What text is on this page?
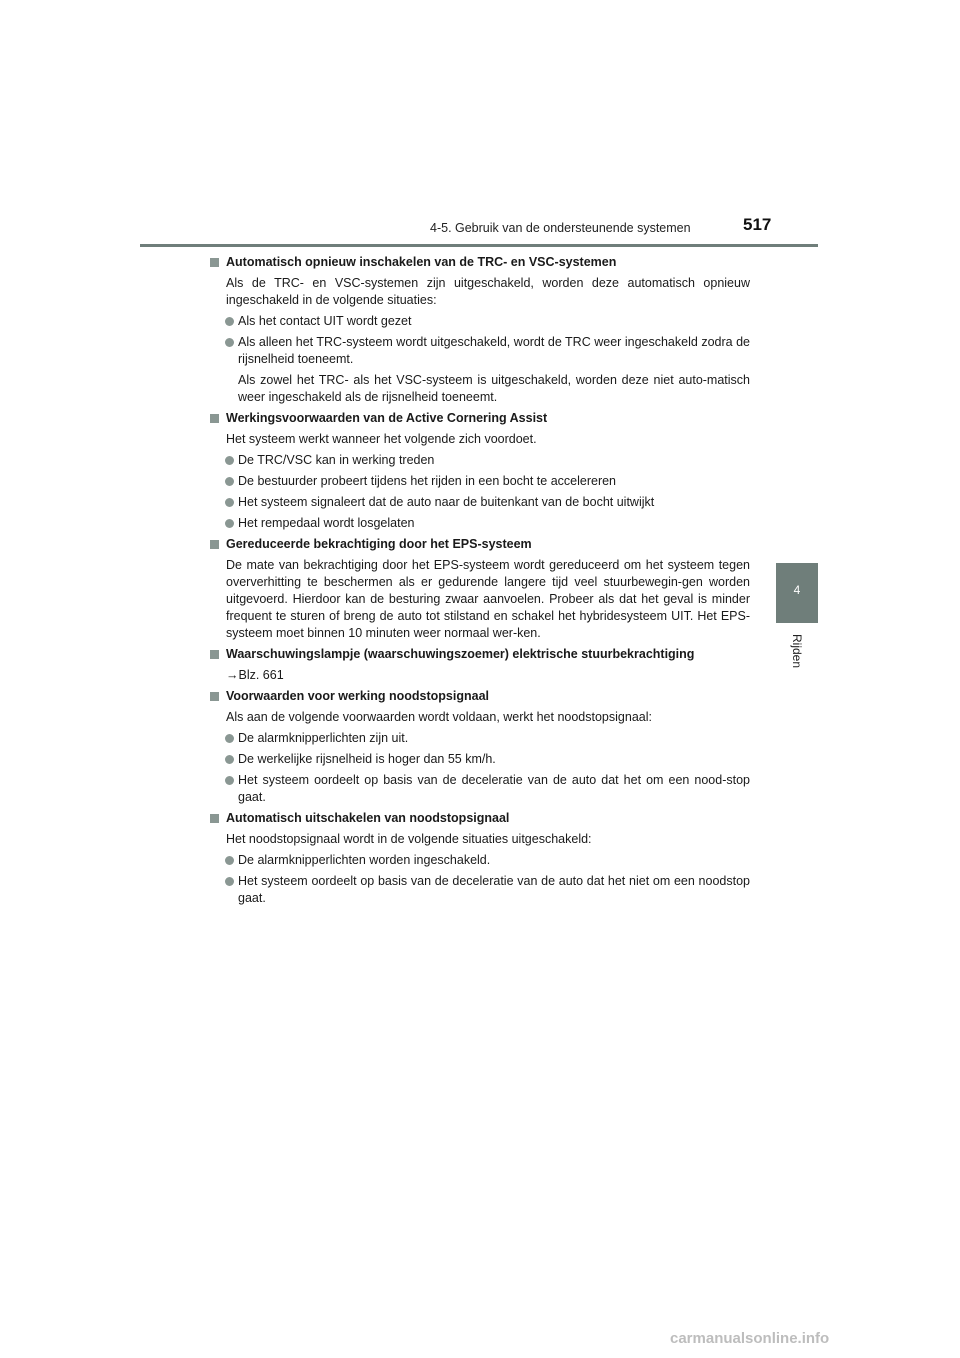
4-5. Gebruik van de ondersteunende systemen	517
4
Rijden
Automatisch opnieuw inschakelen van de TRC- en VSC-systemen
Als de TRC- en VSC-systemen zijn uitgeschakeld, worden deze automatisch opnieuw ingeschakeld in de volgende situaties:
Als het contact UIT wordt gezet
Als alleen het TRC-systeem wordt uitgeschakeld, wordt de TRC weer ingeschakeld zodra de rijsnelheid toeneemt.
Als zowel het TRC- als het VSC-systeem is uitgeschakeld, worden deze niet auto-matisch weer ingeschakeld als de rijsnelheid toeneemt.
Werkingsvoorwaarden van de Active Cornering Assist
Het systeem werkt wanneer het volgende zich voordoet.
De TRC/VSC kan in werking treden
De bestuurder probeert tijdens het rijden in een bocht te accelereren
Het systeem signaleert dat de auto naar de buitenkant van de bocht uitwijkt
Het rempedaal wordt losgelaten
Gereduceerde bekrachtiging door het EPS-systeem
De mate van bekrachtiging door het EPS-systeem wordt gereduceerd om het systeem tegen oververhitting te beschermen als er gedurende langere tijd veel stuurbewegin-gen worden uitgevoerd. Hierdoor kan de besturing zwaar aanvoelen. Probeer als dat het geval is minder frequent te sturen of breng de auto tot stilstand en schakel het hybridesysteem UIT. Het EPS-systeem moet binnen 10 minuten weer normaal wer-ken.
Waarschuwingslampje (waarschuwingszoemer) elektrische stuurbekrachtiging
→Blz. 661
Voorwaarden voor werking noodstopsignaal
Als aan de volgende voorwaarden wordt voldaan, werkt het noodstopsignaal:
De alarmknipperlichten zijn uit.
De werkelijke rijsnelheid is hoger dan 55 km/h.
Het systeem oordeelt op basis van de deceleratie van de auto dat het om een nood-stop gaat.
Automatisch uitschakelen van noodstopsignaal
Het noodstopsignaal wordt in de volgende situaties uitgeschakeld:
De alarmknipperlichten worden ingeschakeld.
Het systeem oordeelt op basis van de deceleratie van de auto dat het niet om een noodstop gaat.
carmanualsonline.info
